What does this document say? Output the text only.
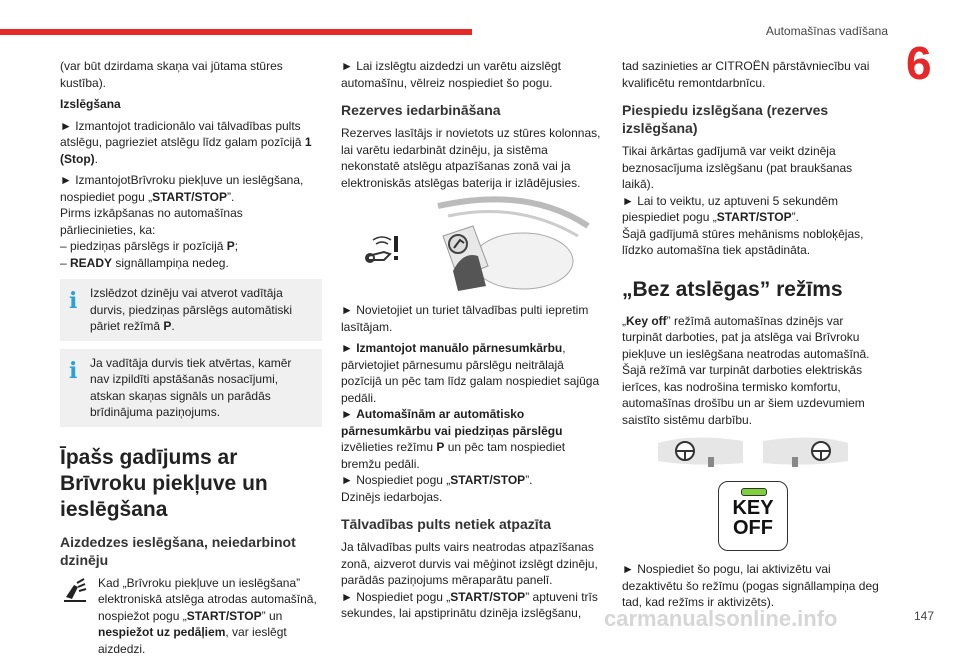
Automašīnas vadīšana
6

(var būt dzirdama skaņa vai jūtama stūres kustība).

Izslēgšana

► Izmantojot tradicionālo vai tālvadības pults atslēgu, pagrieziet atslēgu līdz galam pozīcijā 1 (Stop).

► IzmantojotBrīvroku piekļuve un ieslēgšana, nospiediet pogu „START/STOP”.

Pirms izkāpšanas no automašīnas pārliecinieties, ka:

– piedziņas pārslēgs ir pozīcijā P;

– READY signāllampiņa nedeg.

i	Izslēdzot dzinēju vai atverot vadītāja durvis, piedziņas pārslēgs automātiski pāriet režīmā P.
i	Ja vadītāja durvis tiek atvērtas, kamēr nav izpildīti apstāšanās nosacījumi, atskan skaņas signāls un parādās brīdinājuma paziņojums.
Īpašs gadījums ar Brīvroku piekļuve un ieslēgšana
Aizdedzes ieslēgšana, neiedarbinot dzinēju
Kad „Brīvroku piekļuve un ieslēgšana” elektroniskā atslēga atrodas automašīnā, nospiežot pogu „START/STOP” un nespiežot uz pedāļiem, var ieslēgt aizdedzi.

► Lai izslēgtu aizdedzi un varētu aizslēgt automašīnu, vēlreiz nospiediet šo pogu.

Rezerves iedarbināšana

Rezerves lasītājs ir novietots uz stūres kolonnas, lai varētu iedarbināt dzinēju, ja sistēma nekonstatē atslēgu atpazīšanas zonā vai ja elektroniskās atslēgas baterija ir izlādējusies.

► Novietojiet un turiet tālvadības pulti iepretim lasītājam.

► Izmantojot manuālo pārnesumkārbu, pārvietojiet pārnesumu pārslēgu neitrālajā pozīcijā un pēc tam līdz galam nospiediet sajūga pedāli.

► Automašīnām ar automātisko pārnesumkārbu vai piedziņas pārslēgu izvēlieties režīmu P un pēc tam nospiediet bremžu pedāli.

► Nospiediet pogu „START/STOP”.

Dzinējs iedarbojas.

Tālvadības pults netiek atpazīta

Ja tālvadības pults vairs neatrodas atpazīšanas zonā, aizverot durvis vai mēģinot izslēgt dzinēju, parādās paziņojums mēraparātu panelī.

► Nospiediet pogu „START/STOP” aptuveni trīs sekundes, lai apstiprinātu dzinēja izslēgšanu,

tad sazinieties ar CITROËN pārstāvniecību vai kvalificētu remontdarbnīcu.

Piespiedu izslēgšana (rezerves izslēgšana)

Tikai ārkārtas gadījumā var veikt dzinēja beznosacījuma izslēgšanu (pat braukšanas laikā).

► Lai to veiktu, uz aptuveni 5 sekundēm piespiediet pogu „START/STOP”.

Šajā gadījumā stūres mehānisms nobloķējas, līdzko automašīna tiek apstādināta.

„Bez atslēgas” režīms

„Key off” režīmā automašīnas dzinējs var turpināt darboties, pat ja atslēga vai Brīvroku piekļuve un ieslēgšana neatrodas automašīnā. Šajā režīmā var turpināt darboties elektriskās ierīces, kas nodrošina termisko komfortu, automašīnas drošību un ar šiem uzdevumiem saistīto sistēmu darbību.

KEY
OFF

► Nospiediet šo pogu, lai aktivizētu vai dezaktivētu šo režīmu (pogas signāllampiņa deg tad, kad režīms ir aktivizēts).

carmanualsonline.info	147
